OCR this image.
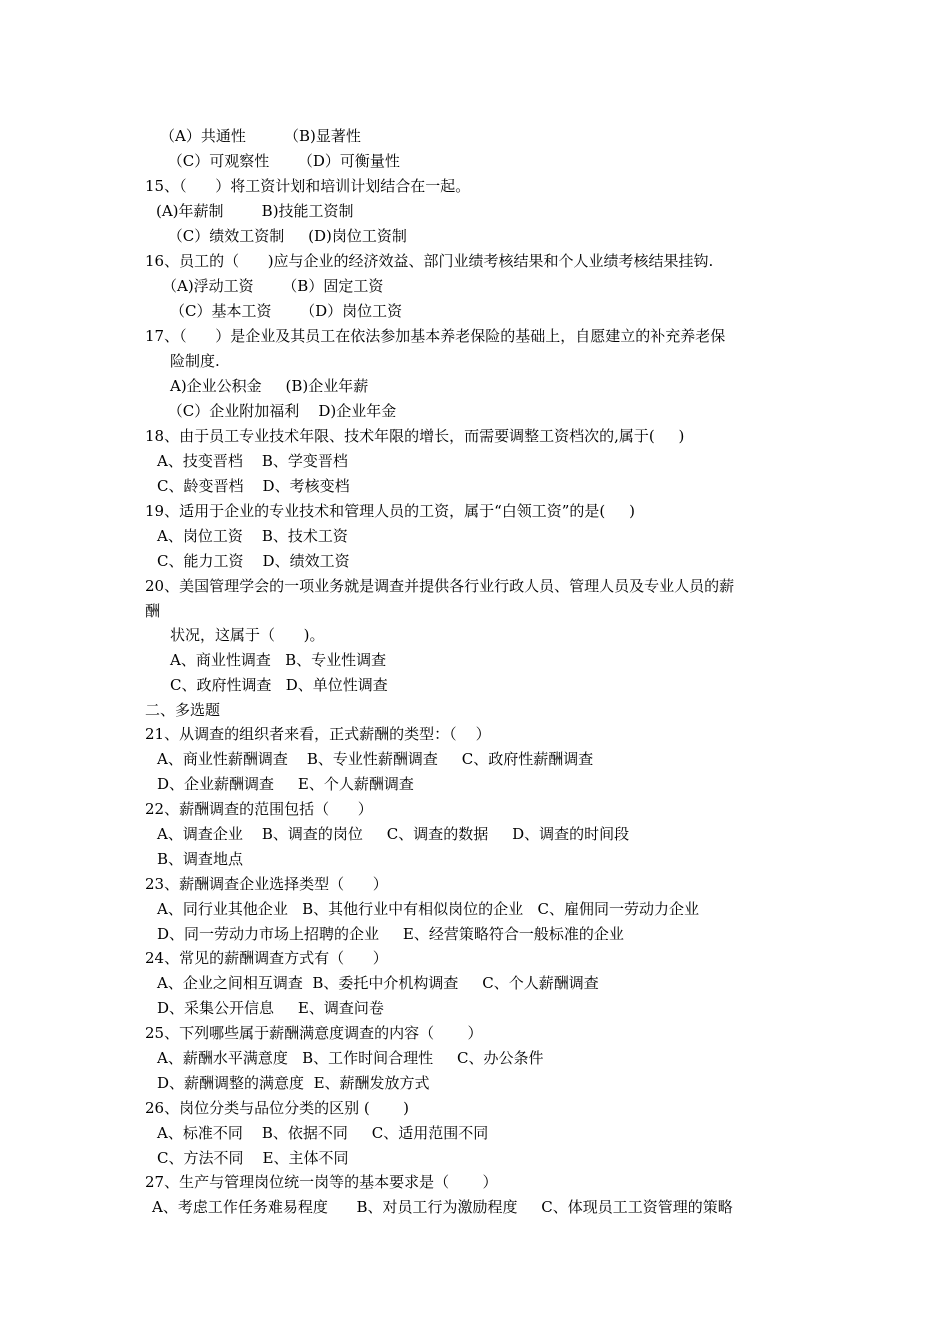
（A）共通性        （B)显著性
（C）可观察性      （D）可衡量性
15、（      ）将工资计划和培训计划结合在一起。
(A)年薪制        B)技能工资制
（C）绩效工资制     (D)岗位工资制
16、员工的（      )应与企业的经济效益、部门业绩考核结果和个人业绩考核结果挂钩.
（A)浮动工资      （B）固定工资
（C）基本工资      （D）岗位工资
17、（      ）是企业及其员工在依法参加基本养老保险的基础上，自愿建立的补充养老保
险制度.
A)企业公积金     (B)企业年薪
（C）企业附加福利    D)企业年金
18、由于员工专业技术年限、技术年限的增长，而需要调整工资档次的,属于(     )
A、技变晋档    B、学变晋档
C、龄变晋档    D、考核变档
19、适用于企业的专业技术和管理人员的工资，属于“白领工资”的是(     )
A、岗位工资    B、技术工资
C、能力工资    D、绩效工资
20、美国管理学会的一项业务就是调查并提供各行业行政人员、管理人员及专业人员的薪
酬
状况，这属于（      )。
A、商业性调查   B、专业性调查
C、政府性调查   D、单位性调查
二、多选题
21、从调查的组织者来看，正式薪酬的类型：（    ）
A、商业性薪酬调查    B、专业性薪酬调查     C、政府性薪酬调查
D、企业薪酬调查     E、个人薪酬调查
22、薪酬调查的范围包括（      ）
A、调查企业    B、调查的岗位     C、调查的数据     D、调查的时间段
B、调查地点
23、薪酬调查企业选择类型（      ）
A、同行业其他企业   B、其他行业中有相似岗位的企业   C、雇佣同一劳动力企业
D、同一劳动力市场上招聘的企业     E、经营策略符合一般标准的企业
24、常见的薪酬调查方式有（      ）
A、企业之间相互调查  B、委托中介机构调查     C、个人薪酬调查
D、采集公开信息     E、调查问卷
25、下列哪些属于薪酬满意度调查的内容（       ）
A、薪酬水平满意度   B、工作时间合理性     C、办公条件
D、薪酬调整的满意度  E、薪酬发放方式
26、岗位分类与品位分类的区别 (       )
A、标准不同    B、依据不同     C、适用范围不同
C、方法不同    E、主体不同
27、生产与管理岗位统一岗等的基本要求是（       ）
A、考虑工作任务难易程度      B、对员工行为激励程度     C、体现员工工资管理的策略
